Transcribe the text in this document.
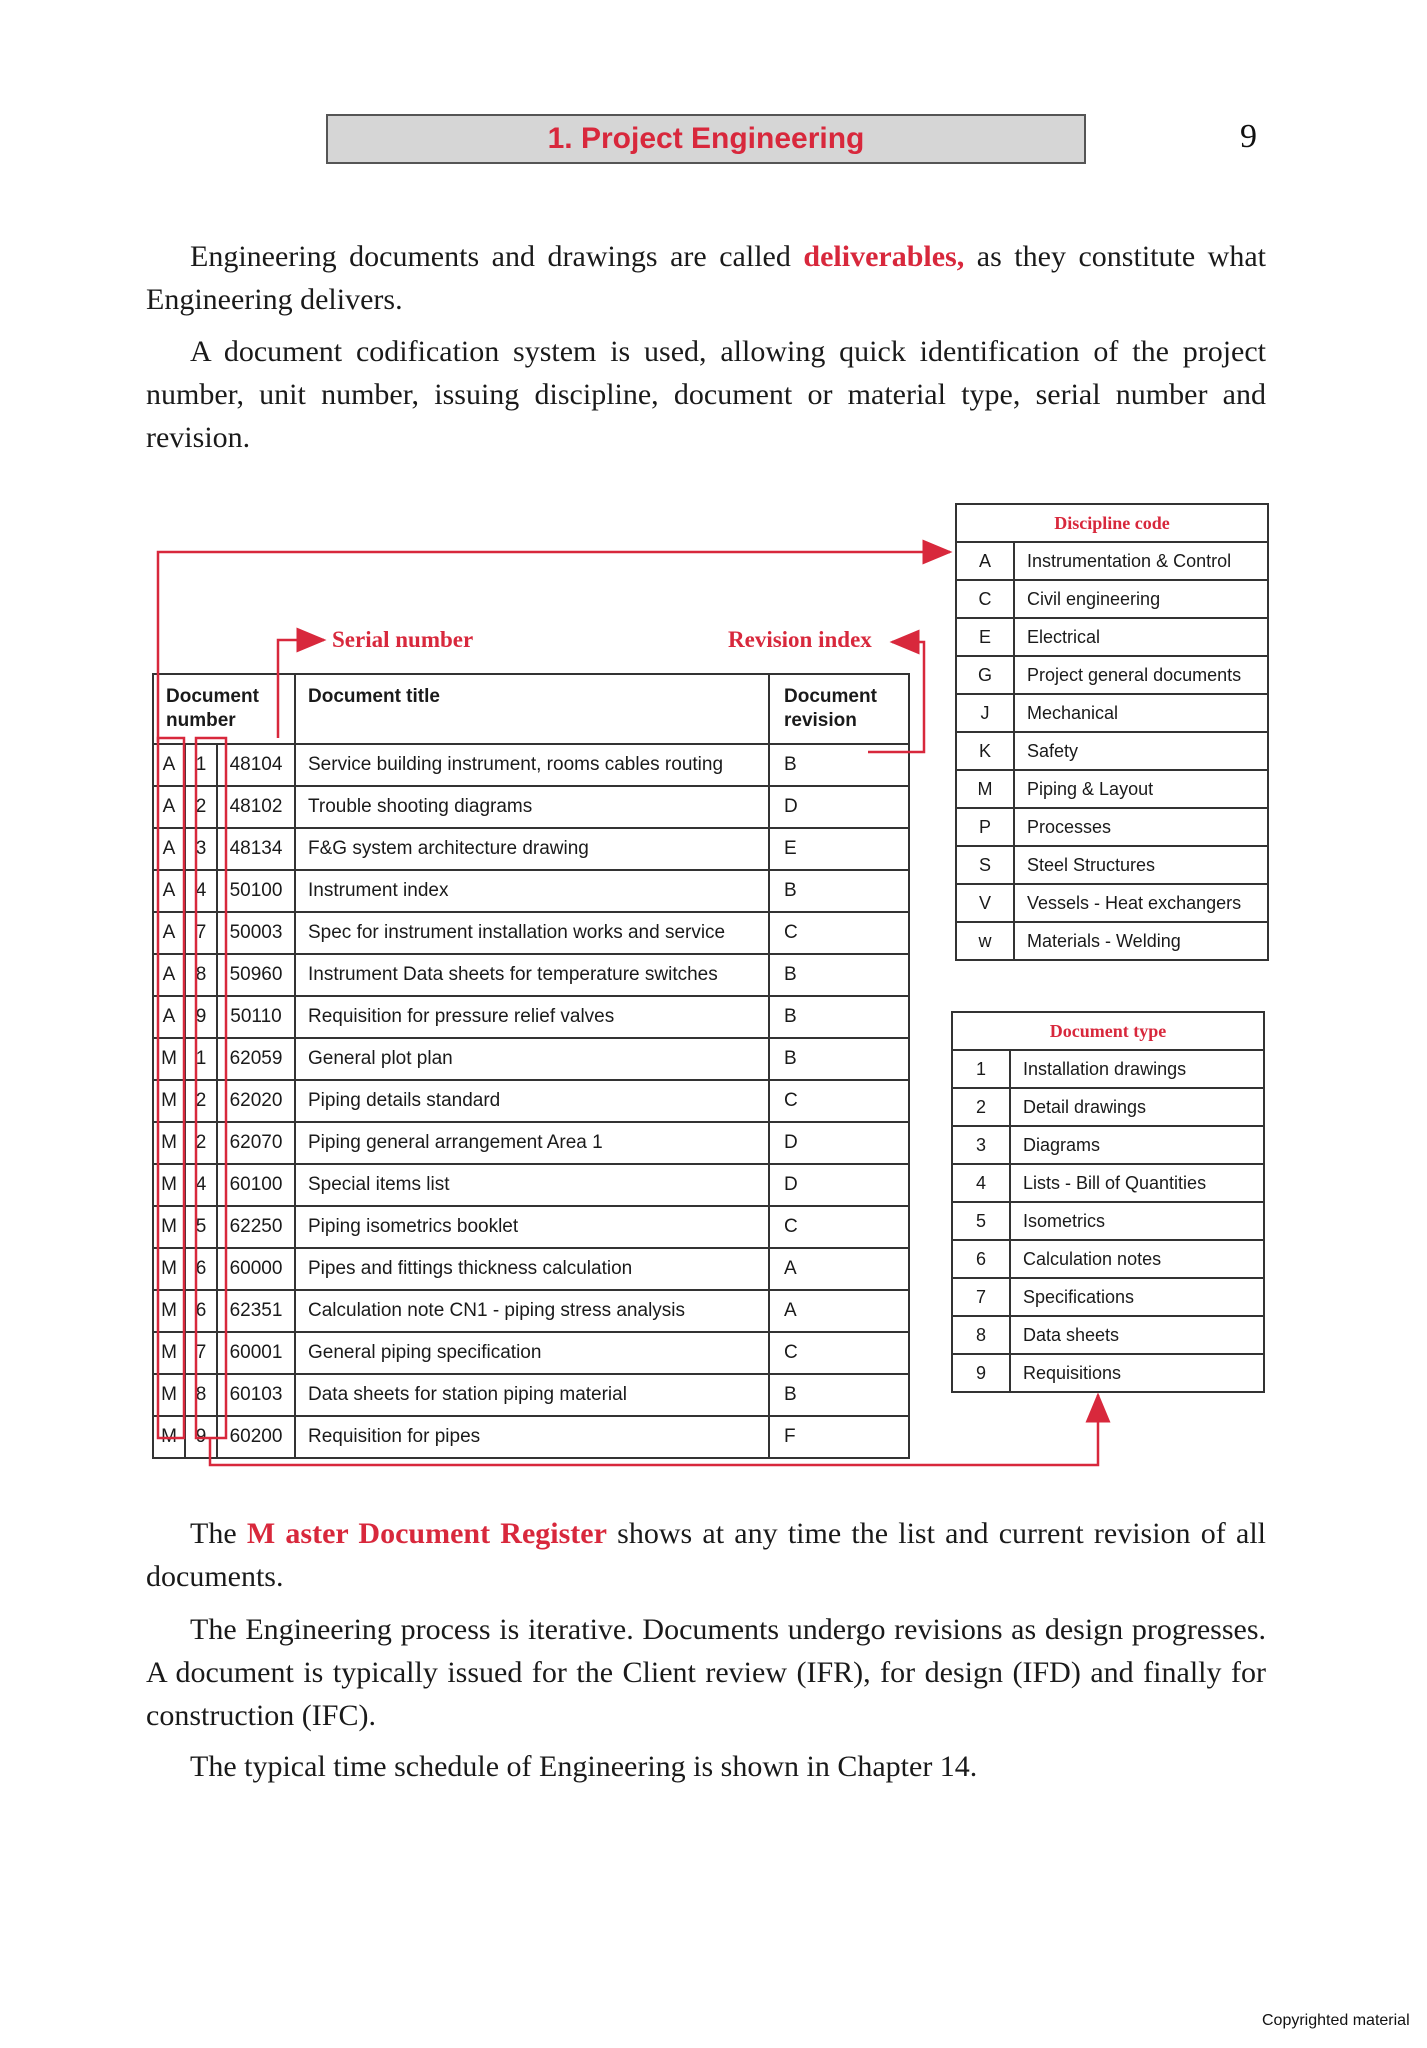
1. Project Engineering	9
Engineering documents and drawings are called deliverables, as they constitute what Engineering delivers.
A document codification system is used, allowing quick identification of the project number, unit number, issuing discipline, document or material type, serial number and revision.
Serial number	Revision index
Document
number			Document title	Document
revision
A	1	48104	Service building instrument, rooms cables routing	B
A	2	48102	Trouble shooting diagrams	D
A	3	48134	F&G system architecture drawing	E
A	4	50100	Instrument index	B
A	7	50003	Spec for instrument installation works and service	C
A	8	50960	Instrument Data sheets for temperature switches	B
A	9	50110	Requisition for pressure relief valves	B
M	1	62059	General plot plan	B
M	2	62020	Piping details standard	C
M	2	62070	Piping general arrangement Area 1	D
M	4	60100	Special items list	D
M	5	62250	Piping isometrics booklet	C
M	6	60000	Pipes and fittings thickness calculation	A
M	6	62351	Calculation note CN1 - piping stress analysis	A
M	7	60001	General piping specification	C
M	8	60103	Data sheets for station piping material	B
M	9	60200	Requisition for pipes	F
Discipline code	
A	Instrumentation & Control
C	Civil engineering
E	Electrical
G	Project general documents
J	Mechanical
K	Safety
M	Piping & Layout
P	Processes
S	Steel Structures
V	Vessels - Heat exchangers
w	Materials - Welding
Document type	
1	Installation drawings
2	Detail drawings
3	Diagrams
4	Lists - Bill of Quantities
5	Isometrics
6	Calculation notes
7	Specifications
8	Data sheets
9	Requisitions
The M aster Document Register shows at any time the list and current revision of all documents.
The Engineering process is iterative. Documents undergo revisions as design progresses. A document is typically issued for the Client review (IFR), for design (IFD) and finally for construction (IFC).
The typical time schedule of Engineering is shown in Chapter 14.
Copyrighted material
